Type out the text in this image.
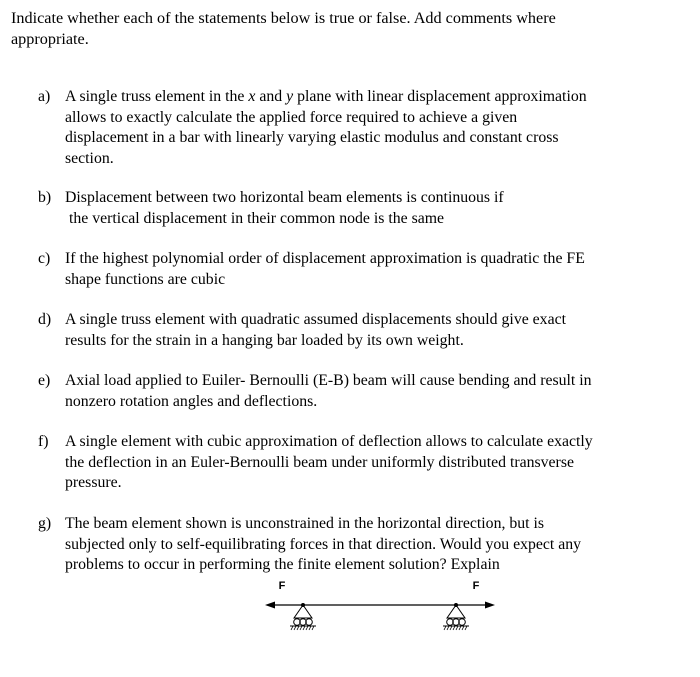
Indicate whether each of the statements below is true or false. Add comments where
appropriate.
a) A single truss element in the x and y plane with linear displacement approximation
allows to exactly calculate the applied force required to achieve a given
displacement in a bar with linearly varying elastic modulus and constant cross
section.
b) Displacement between two horizontal beam elements is continuous if
the vertical displacement in their common node is the same
c) If the highest polynomial order of displacement approximation is quadratic the FE
shape functions are cubic
d) A single truss element with quadratic assumed displacements should give exact
results for the strain in a hanging bar loaded by its own weight.
e) Axial load applied to Euiler- Bernoulli (E-B) beam will cause bending and result in
nonzero rotation angles and deflections.
f)	A single element with cubic approximation of deflection allows to calculate exactly
the deflection in an Euler-Bernoulli beam under uniformly distributed transverse
pressure.
g) The beam element shown is unconstrained in the horizontal direction, but is
subjected only to self-equilibrating forces in that direction. Would you expect any
problems to occur in performing the finite element solution? Explain
F	F
